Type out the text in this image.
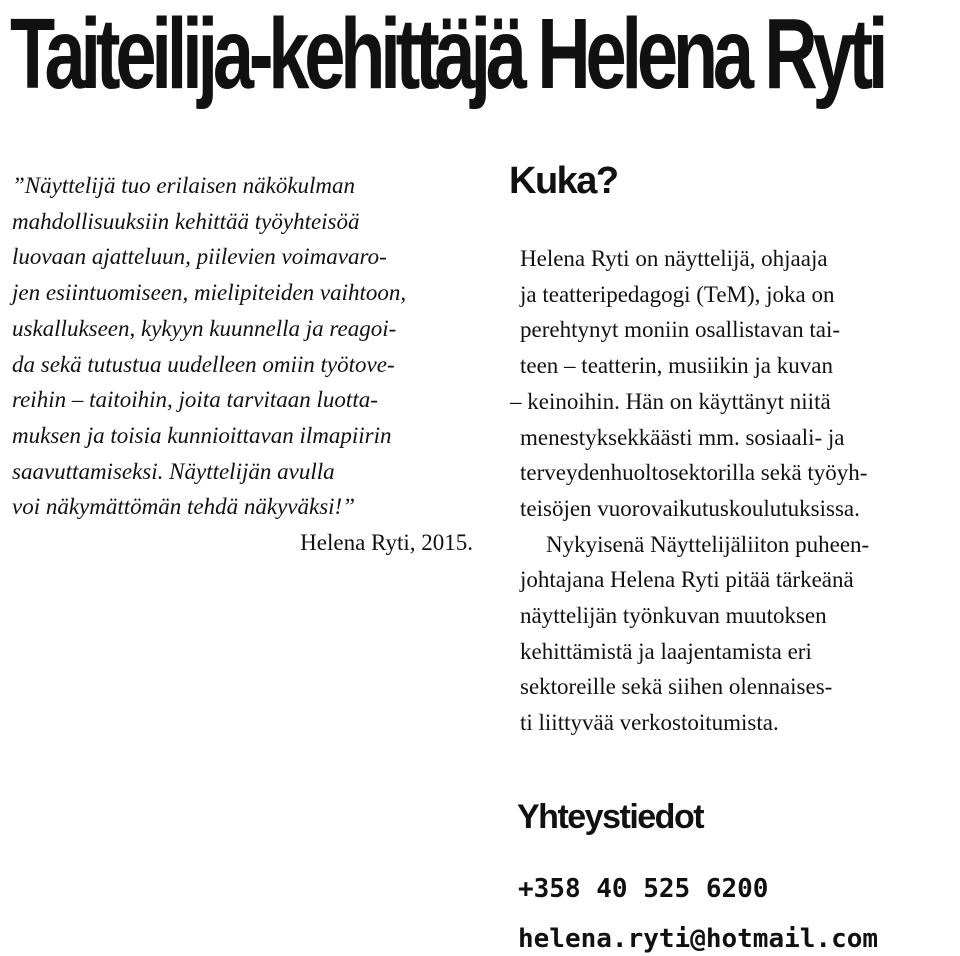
Taiteilija-kehittäjä Helena Ryti
”Näyttelijä tuo erilaisen näkökulman
mahdollisuuksiin kehittää työyhteisöä
luovaan ajatteluun, piilevien voimavaro-
jen esiintuomiseen, mielipiteiden vaihtoon,
uskallukseen, kykyyn kuunnella ja reagoi-
da sekä tutustua uudelleen omiin työtove-
reihin – taitoihin, joita tarvitaan luotta-
muksen ja toisia kunnioittavan ilmapiirin
saavuttamiseksi. Näyttelijän avulla
voi näkymättömän tehdä näkyväksi!”
Helena Ryti, 2015.
Kuka?
Helena Ryti on näyttelijä, ohjaaja
ja teatteripedagogi (TeM), joka on
perehtynyt moniin osallistavan tai-
teen – teatterin, musiikin ja kuvan
– keinoihin. Hän on käyttänyt niitä
menestyksekkäästi mm. sosiaali- ja
terveydenhuoltosektorilla sekä työyh-
teisöjen vuorovaikutuskoulutuksissa.
Nykyisenä Näyttelijäliiton puheen-
johtajana Helena Ryti pitää tärkeänä
näyttelijän työnkuvan muutoksen
kehittämistä ja laajentamista eri
sektoreille sekä siihen olennaises-
ti liittyvää verkostoitumista.
Yhteystiedot

+358 40 525 6200

helena.ryti@hotmail.com
